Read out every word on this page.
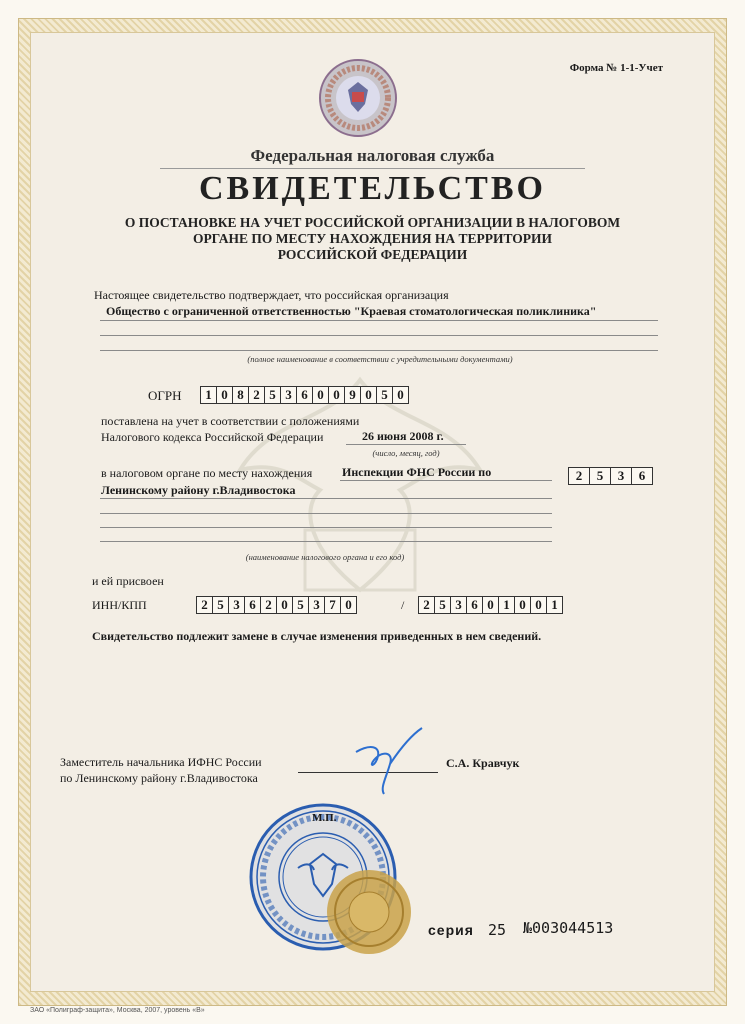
Форма № 1-1-Учет
Федеральная налоговая служба
СВИДЕТЕЛЬСТВО
О ПОСТАНОВКЕ НА УЧЕТ РОССИЙСКОЙ ОРГАНИЗАЦИИ В НАЛОГОВОМ
ОРГАНЕ ПО МЕСТУ НАХОЖДЕНИЯ НА ТЕРРИТОРИИ
РОССИЙСКОЙ ФЕДЕРАЦИИ
Настоящее свидетельство подтверждает, что российская организация
Общество с ограниченной ответственностью "Краевая стоматологическая поликлиника"
(полное наименование в соответствии с учредительными документами)
ОГРН	1 0 8 2 5 3 6 0 0 9 0 5 0
поставлена на учет в соответствии с положениями
Налогового кодекса Российской Федерации	26 июня 2008 г.
(число, месяц, год)
в налоговом органе по месту нахождения Инспекции ФНС России по	2	5	3	6
Ленинскому району г.Владивостока
(наименование налогового органа и его код)
и ей присвоен
ИНН/КПП	2 5 3 6 2 0 5 3 7 0	/	2 5 3 6 0 1 0 0 1
Свидетельство подлежит замене в случае изменения приведенных в нем сведений.
Заместитель начальника ИФНС России
по Ленинскому району г.Владивостока
С.А. Кравчук
М.П.
серия 25 №003044513
ЗАО «Полиграф-защита», Москва, 2007, уровень «В»
